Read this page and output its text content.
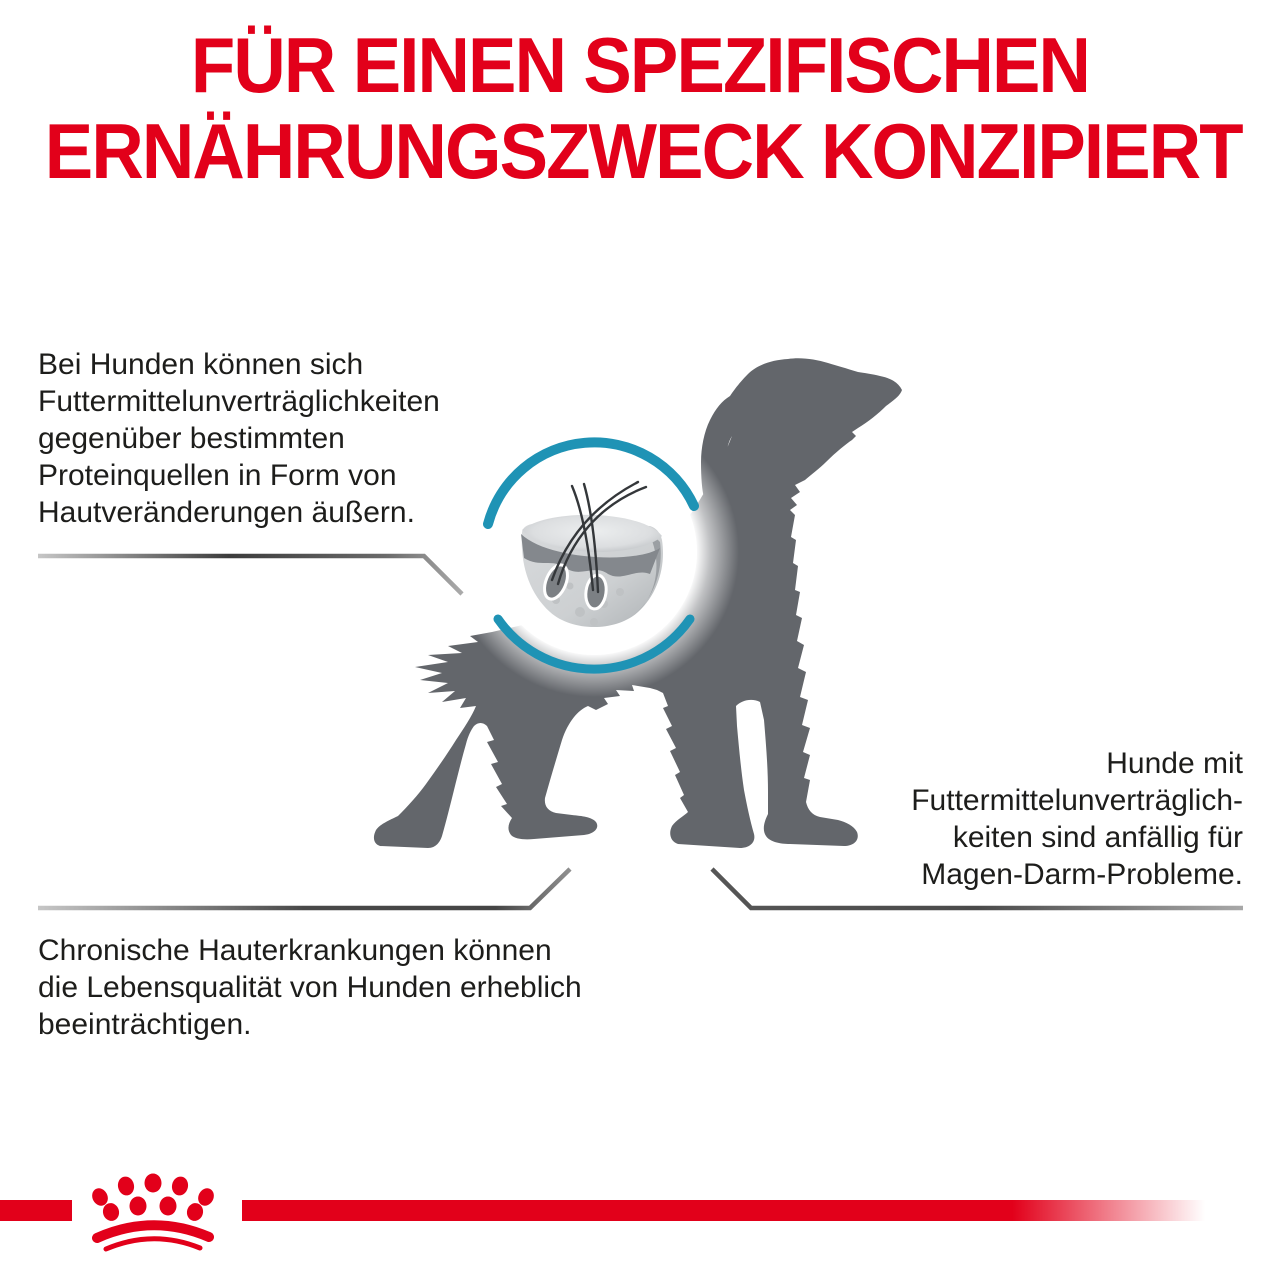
FÜR EINEN SPEZIFISCHEN
ERNÄHRUNGSZWECK KONZIPIERT
Bei Hunden können sich
Futtermittelunverträglichkeiten
gegenüber bestimmten
Proteinquellen in Form von
Hautveränderungen äußern.
Hunde mit
Futtermittelunverträglich-
keiten sind anfällig für
Magen-Darm-Probleme.
Chronische Hauterkrankungen können
die Lebensqualität von Hunden erheblich
beeinträchtigen.
